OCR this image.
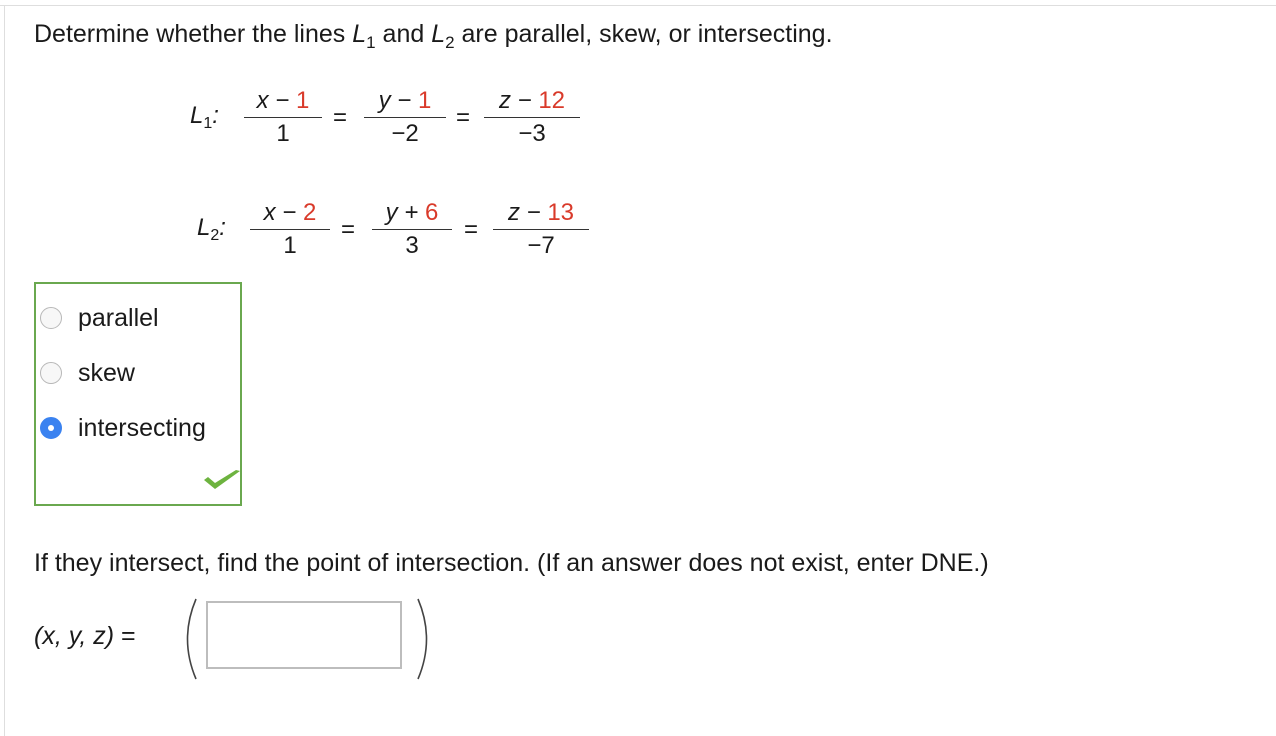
Determine whether the lines $L_1$ and $L_2$ are parallel, skew, or intersecting.
$L_1$:
x − 1
1
=
y − 1
−2
=
z − 12
−3
$L_2$:
x − 2
1
=
y + 6
3
=
z − 13
−7
parallel
skew
intersecting
If they intersect, find the point of intersection. (If an answer does not exist, enter DNE.)
(x, y, z) =
